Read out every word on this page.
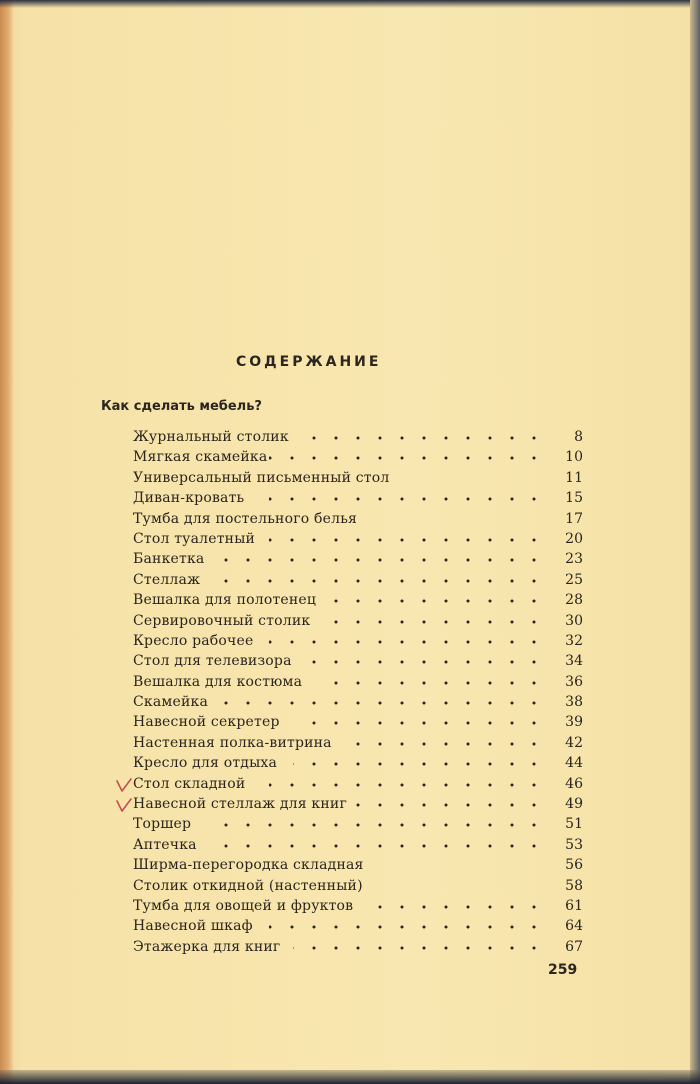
СОДЕРЖАНИЕ
Как сделать мебель?
Журнальный столик	8
Мягкая скамейка	10
Универсальный письменный стол	11
Диван-кровать	15
Тумба для постельного белья	17
Стол туалетный	20
Банкетка	23
Стеллаж	25
Вешалка для полотенец	28
Сервировочный столик	30
Кресло рабочее	32
Стол для телевизора	34
Вешалка для костюма	36
Скамейка	38
Навесной секретер	39
Настенная полка-витрина	42
Кресло для отдыха	44
Стол складной	46
Навесной стеллаж для книг	49
Торшер	51
Аптечка	53
Ширма-перегородка складная	56
Столик откидной (настенный)	58
Тумба для овощей и фруктов	61
Навесной шкаф	64
Этажерка для книг	67
259
